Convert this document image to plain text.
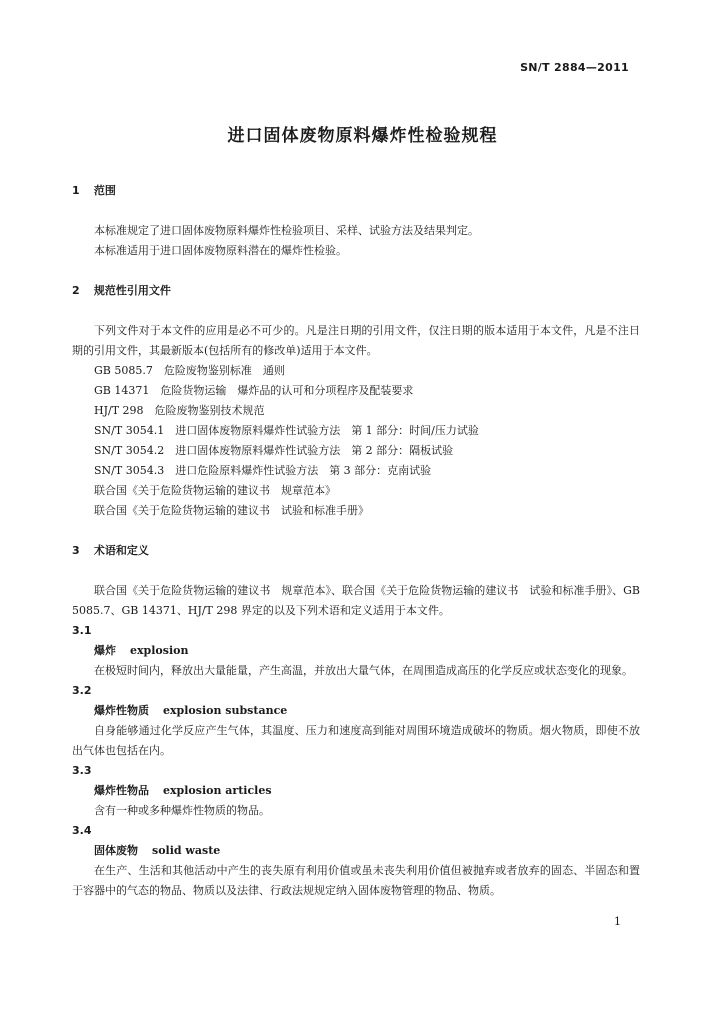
SN/T 2884—2011
进口固体废物原料爆炸性检验规程
1 范围
本标准规定了进口固体废物原料爆炸性检验项目、采样、试验方法及结果判定。
本标准适用于进口固体废物原料潜在的爆炸性检验。
2 规范性引用文件
下列文件对于本文件的应用是必不可少的。凡是注日期的引用文件，仅注日期的版本适用于本文件，凡是不注日期的引用文件，其最新版本(包括所有的修改单)适用于本文件。
GB 5085.7　危险废物鉴别标准　通则
GB 14371　危险货物运输　爆炸品的认可和分项程序及配装要求
HJ/T 298　危险废物鉴别技术规范
SN/T 3054.1　进口固体废物原料爆炸性试验方法　第 1 部分：时间/压力试验
SN/T 3054.2　进口固体废物原料爆炸性试验方法　第 2 部分：隔板试验
SN/T 3054.3　进口危险原料爆炸性试验方法　第 3 部分：克南试验
联合国《关于危险货物运输的建议书　规章范本》
联合国《关于危险货物运输的建议书　试验和标准手册》
3 术语和定义
联合国《关于危险货物运输的建议书　规章范本》、联合国《关于危险货物运输的建议书　试验和标准手册》、GB 5085.7、GB 14371、HJ/T 298 界定的以及下列术语和定义适用于本文件。
3.1
爆炸 explosion
在极短时间内，释放出大量能量，产生高温，并放出大量气体，在周围造成高压的化学反应或状态变化的现象。
3.2
爆炸性物质 explosion substance
自身能够通过化学反应产生气体，其温度、压力和速度高到能对周围环境造成破坏的物质。烟火物质，即使不放出气体也包括在内。
3.3
爆炸性物品 explosion articles
含有一种或多种爆炸性物质的物品。
3.4
固体废物 solid waste
在生产、生活和其他活动中产生的丧失原有利用价值或虽未丧失利用价值但被抛弃或者放弃的固态、半固态和置于容器中的气态的物品、物质以及法律、行政法规规定纳入固体废物管理的物品、物质。
1
